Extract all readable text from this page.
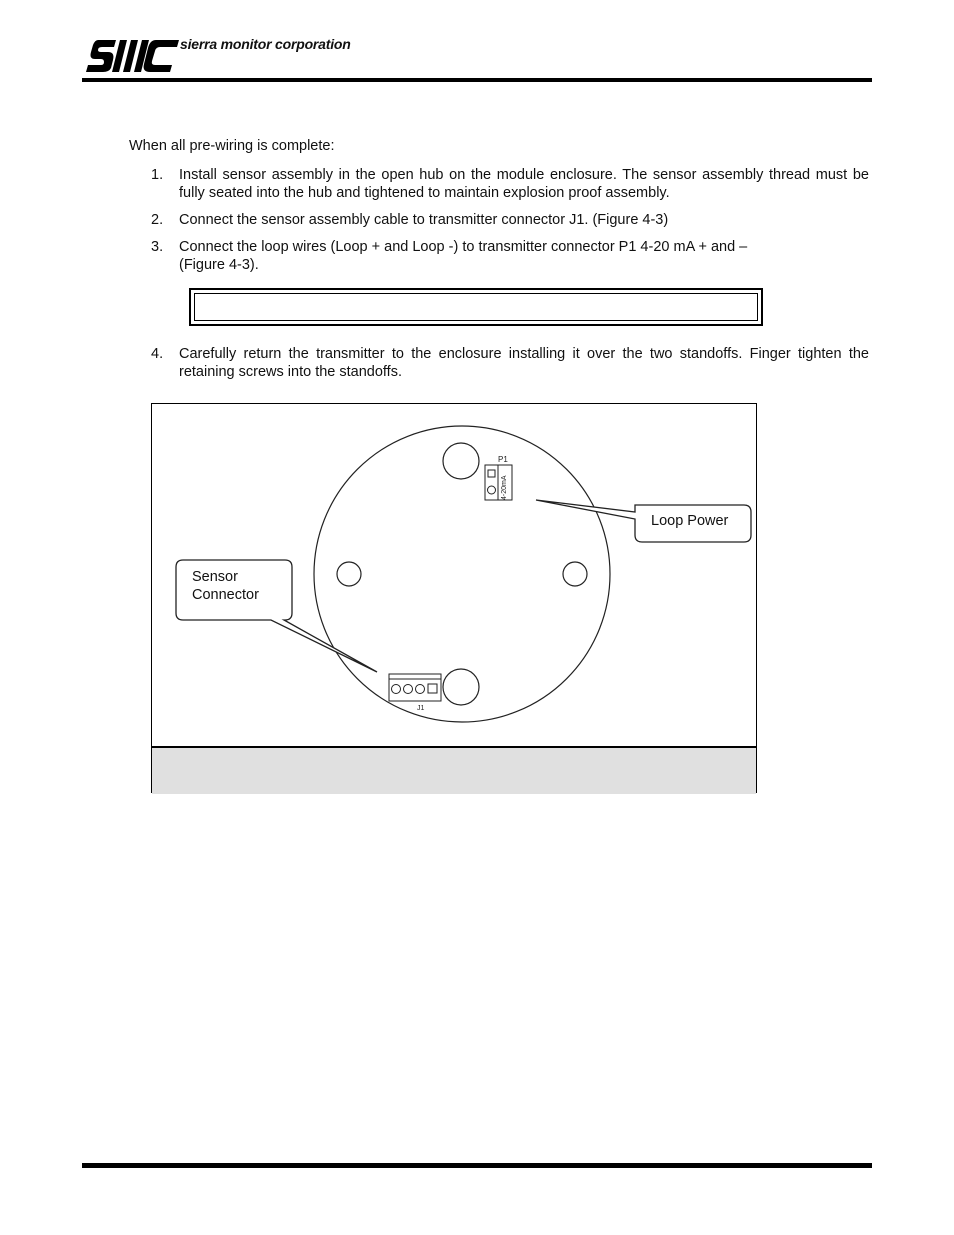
sierra monitor corporation
When all pre-wiring is complete:
1. Install sensor assembly in the open hub on the module enclosure. The sensor assembly thread must be fully seated into the hub and tightened to maintain explosion proof assembly.
2. Connect the sensor assembly cable to transmitter connector J1. (Figure 4-3)
3. Connect the loop wires (Loop + and Loop -) to transmitter connector P1 4-20 mA + and –
(Figure 4-3).
4. Carefully return the transmitter to the enclosure installing it over the two standoffs. Finger tighten the retaining screws into the standoffs.
P1
4-20mA
J1
Loop Power
Sensor
Connector
